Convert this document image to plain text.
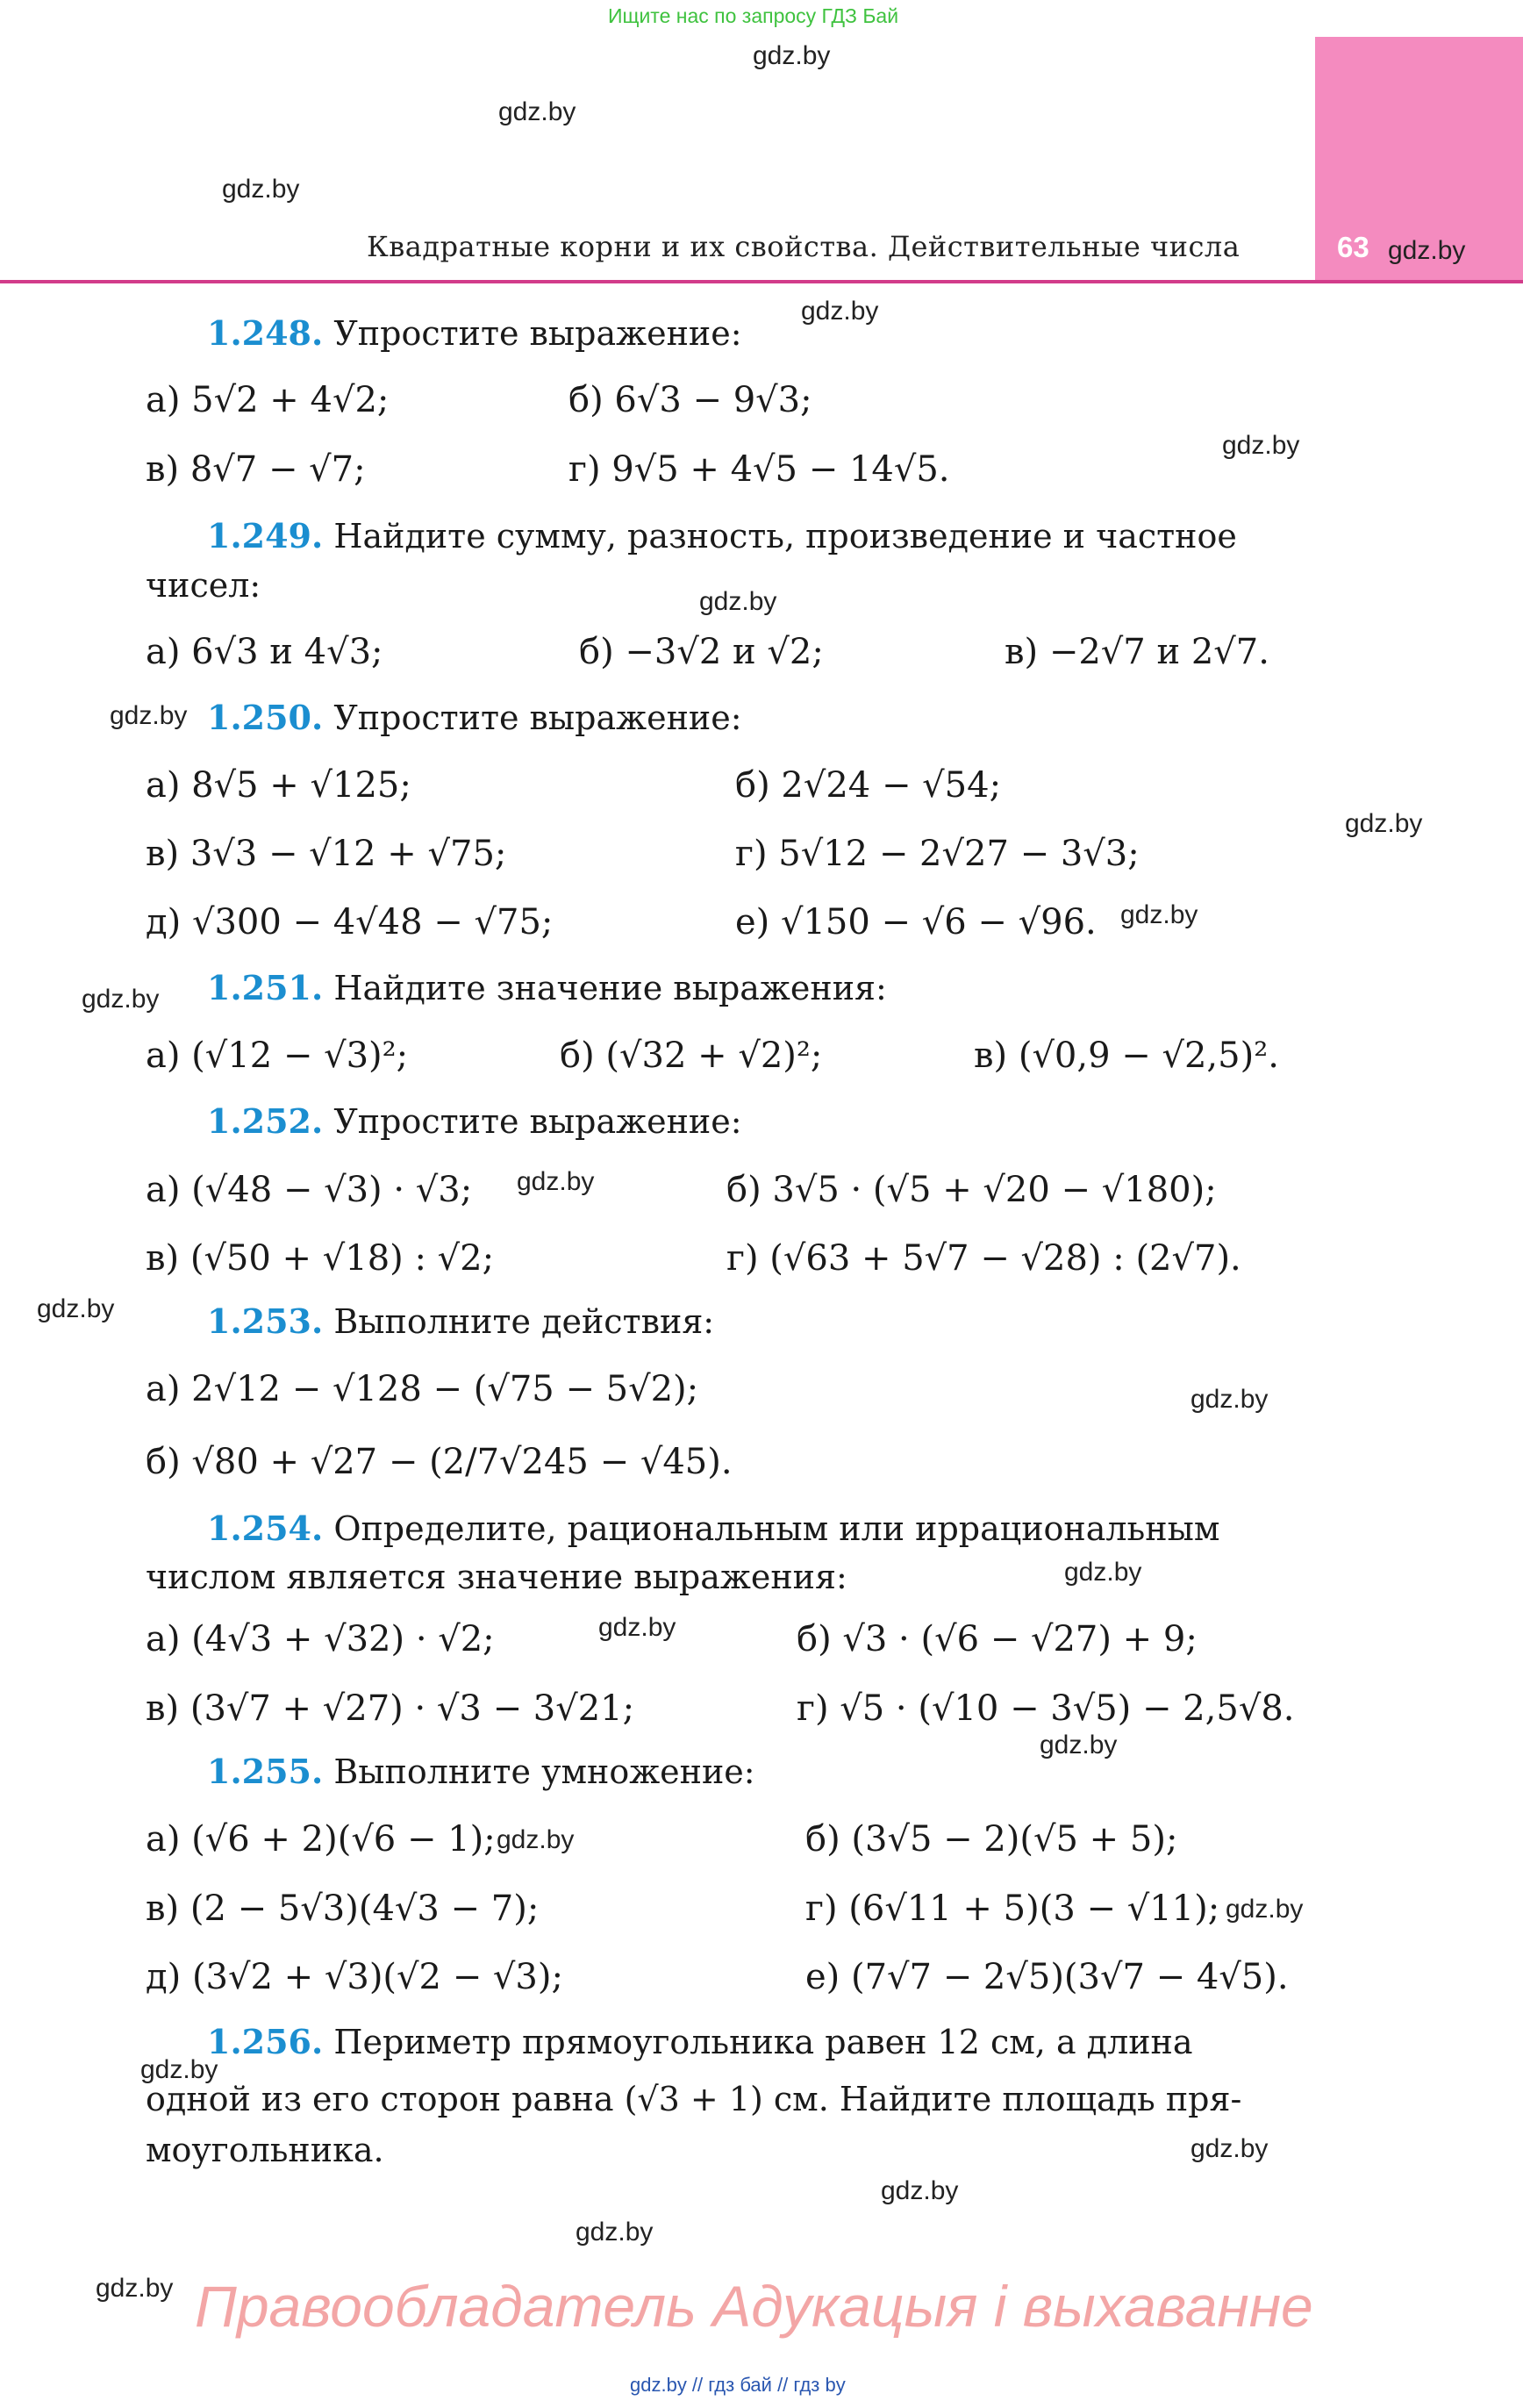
Ищите нас по запросу ГДЗ Бай
63
Квадратные корни и их свойства. Действительные числа
gdz.by
gdz.by
gdz.by
gdz.by
gdz.by
gdz.by
gdz.by
gdz.by
gdz.by
gdz.by
gdz.by
gdz.by
gdz.by
gdz.by
gdz.by
gdz.by
gdz.by
gdz.by
gdz.by
gdz.by
gdz.by
gdz.by
gdz.by
gdz.by
1.248. Упростите выражение:
а) 5√2 + 4√2;	б) 6√3 − 9√3;
в) 8√7 − √7;	г) 9√5 + 4√5 − 14√5.
1.249. Найдите сумму, разность, произведение и частное
чисел:
а) 6√3 и 4√3;	б) −3√2 и √2;	в) −2√7 и 2√7.
1.250. Упростите выражение:
а) 8√5 + √125;	б) 2√24 − √54;
в) 3√3 − √12 + √75;	г) 5√12 − 2√27 − 3√3;
д) √300 − 4√48 − √75;	е) √150 − √6 − √96.
1.251. Найдите значение выражения:
а) (√12 − √3)²;	б) (√32 + √2)²;	в) (√0,9 − √2,5)².
1.252. Упростите выражение:
а) (√48 − √3) · √3;	б) 3√5 · (√5 + √20 − √180);
в) (√50 + √18) : √2;	г) (√63 + 5√7 − √28) : (2√7).
1.253. Выполните действия:
а) 2√12 − √128 − (√75 − 5√2);
б) √80 + √27 − (2/7√245 − √45).
1.254. Определите, рациональным или иррациональным
числом является значение выражения:
а) (4√3 + √32) · √2;	б) √3 · (√6 − √27) + 9;
в) (3√7 + √27) · √3 − 3√21;	г) √5 · (√10 − 3√5) − 2,5√8.
1.255. Выполните умножение:
а) (√6 + 2)(√6 − 1);	б) (3√5 − 2)(√5 + 5);
в) (2 − 5√3)(4√3 − 7);	г) (6√11 + 5)(3 − √11);
д) (3√2 + √3)(√2 − √3);	е) (7√7 − 2√5)(3√7 − 4√5).
1.256. Периметр прямоугольника равен 12 см, а длина
одной из его сторон равна (√3 + 1) см. Найдите площадь пря-
моугольника.
Правообладатель Адукацыя і выхаванне
gdz.by // гдз бай // гдз by
